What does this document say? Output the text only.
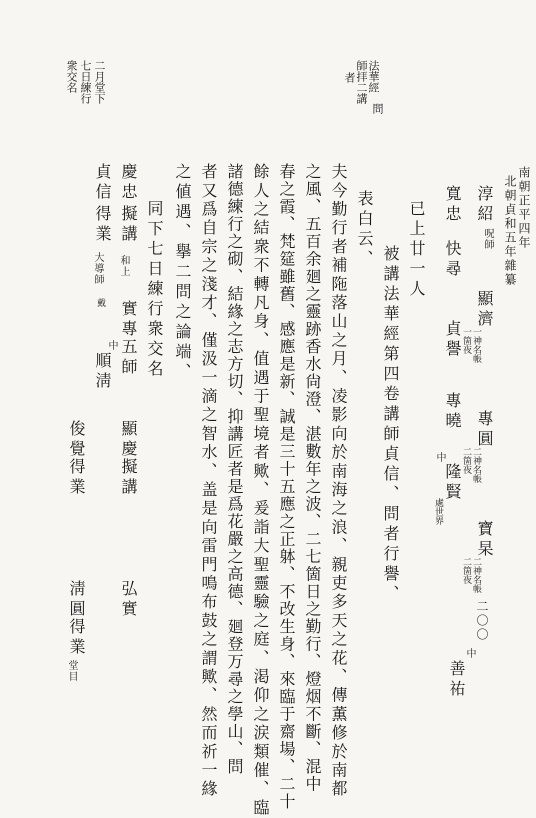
南朝正平四年
北朝貞和五年雜纂
二〇〇
淳紹
呪師
顯濟
一神名帳
一箇夜
專圓
二神名帳
二箇夜
寶杲
二神名帳
二箇夜
中
善祐
寬忠
快尋
貞譽
專曉
中
隆賢
處世界
已上廿一人
被講法華經第四卷講師貞信、問者行譽、
表白云、
夫今勤行者補陁落山之月、凌影向於南海之浪、親吏多天之花、傳薫修於南都
之風、五百余廻之靈跡香水尙澄、湛數年之波、二七箇日之勤行、燈烟不斷、混中
春之霞、梵筵雖舊、感應是新、誠是三十五應之正躰、不改生身、來臨于齋場、二十
餘人之結衆不轉凡身、值遇于聖境者歟、爰詣大聖靈驗之庭、渇仰之涙類催、臨
諸德練行之砌、結緣之志方切、抑講匠者是爲花嚴之高德、廻登万尋之學山、問
者又爲自宗之淺才、僅汲一滴之智水、盖是向雷門鳴布鼓之謂歟、然而祈一緣
之値遇、擧二問之論端、
同下七日練行衆交名
慶忠
擬講
和上
實專
五師
顯慶
擬講
弘實
貞信
得業
大導師
戴
中
順淸
俊覺
得業
淸圓
得業
堂目
法華經
師拝二講
者
問
二月堂下
七日練行
衆交名
